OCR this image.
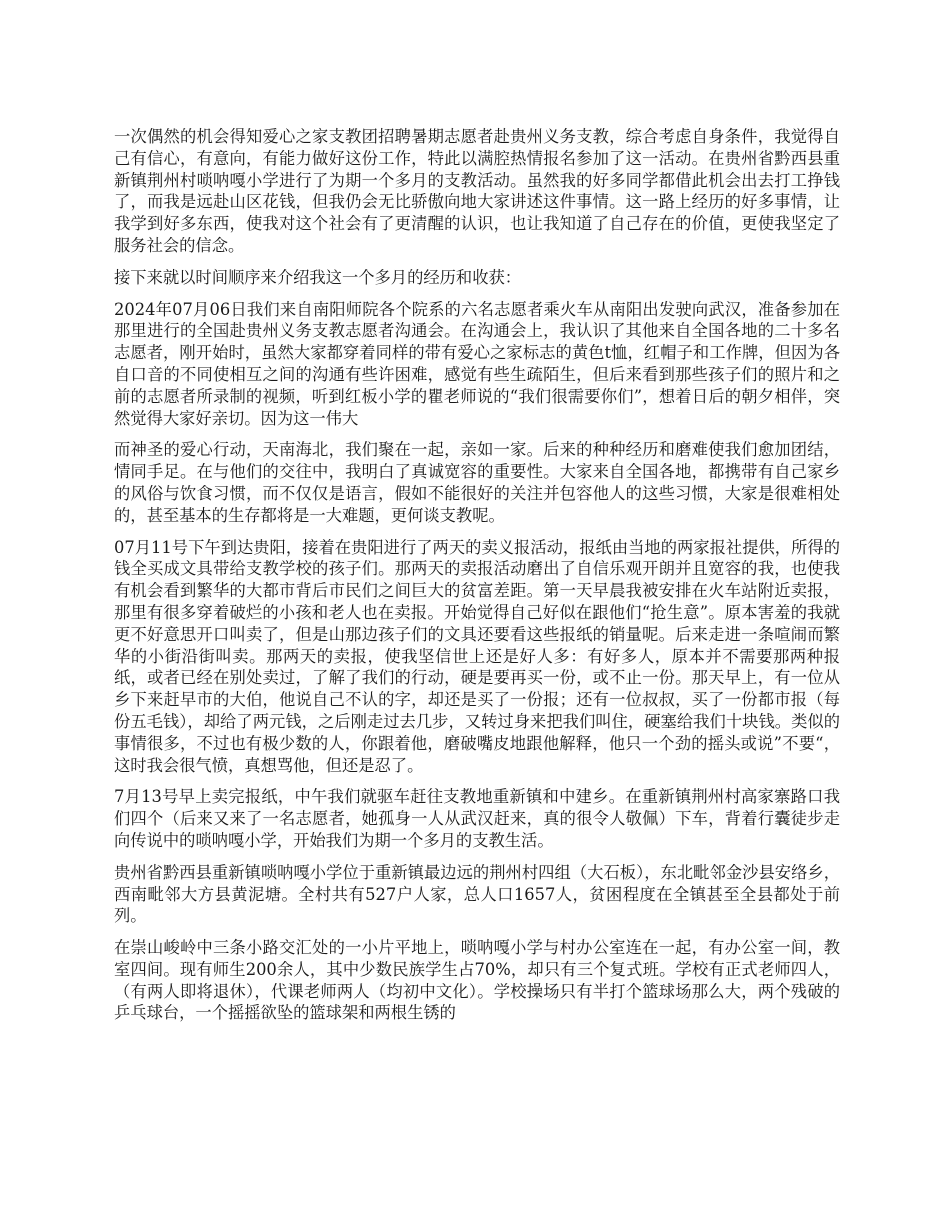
一次偶然的机会得知爱心之家支教团招聘暑期志愿者赴贵州义务支教，综合考虑自身条件，我觉得自己有信心，有意向，有能力做好这份工作，特此以满腔热情报名参加了这一活动。在贵州省黔西县重新镇荆州村唢呐嘎小学进行了为期一个多月的支教活动。虽然我的好多同学都借此机会出去打工挣钱了，而我是远赴山区花钱，但我仍会无比骄傲向地大家讲述这件事情。这一路上经历的好多事情，让我学到好多东西，使我对这个社会有了更清醒的认识，也让我知道了自己存在的价值，更使我坚定了服务社会的信念。

接下来就以时间顺序来介绍我这一个多月的经历和收获：

2024年07月06日我们来自南阳师院各个院系的六名志愿者乘火车从南阳出发驶向武汉，准备参加在那里进行的全国赴贵州义务支教志愿者沟通会。在沟通会上，我认识了其他来自全国各地的二十多名志愿者，刚开始时，虽然大家都穿着同样的带有爱心之家标志的黄色t恤，红帽子和工作牌，但因为各自口音的不同使相互之间的沟通有些许困难，感觉有些生疏陌生，但后来看到那些孩子们的照片和之前的志愿者所录制的视频，听到红板小学的瞿老师说的“我们很需要你们”，想着日后的朝夕相伴，突然觉得大家好亲切。因为这一伟大

而神圣的爱心行动，天南海北，我们聚在一起，亲如一家。后来的种种经历和磨难使我们愈加团结，情同手足。在与他们的交往中，我明白了真诚宽容的重要性。大家来自全国各地，都携带有自己家乡的风俗与饮食习惯，而不仅仅是语言，假如不能很好的关注并包容他人的这些习惯，大家是很难相处的，甚至基本的生存都将是一大难题，更何谈支教呢。

07月11号下午到达贵阳，接着在贵阳进行了两天的卖义报活动，报纸由当地的两家报社提供，所得的钱全买成文具带给支教学校的孩子们。那两天的卖报活动磨出了自信乐观开朗并且宽容的我，也使我有机会看到繁华的大都市背后市民们之间巨大的贫富差距。第一天早晨我被安排在火车站附近卖报，那里有很多穿着破烂的小孩和老人也在卖报。开始觉得自己好似在跟他们“抢生意”。原本害羞的我就更不好意思开口叫卖了，但是山那边孩子们的文具还要看这些报纸的销量呢。后来走进一条喧闹而繁华的小街沿街叫卖。那两天的卖报，使我坚信世上还是好人多：有好多人，原本并不需要那两种报纸，或者已经在别处卖过，了解了我们的行动，硬是要再买一份，或不止一份。那天早上，有一位从乡下来赶早市的大伯，他说自己不认的字，却还是买了一份报；还有一位叔叔，买了一份都市报（每份五毛钱），却给了两元钱，之后刚走过去几步，又转过身来把我们叫住，硬塞给我们十块钱。类似的事情很多，不过也有极少数的人，你跟着他，磨破嘴皮地跟他解释，他只一个劲的摇头或说”不要“，这时我会很气愤，真想骂他，但还是忍了。

7月13号早上卖完报纸，中午我们就驱车赶往支教地重新镇和中建乡。在重新镇荆州村高家寨路口我们四个（后来又来了一名志愿者，她孤身一人从武汉赶来，真的很令人敬佩）下车，背着行囊徒步走向传说中的唢呐嘎小学，开始我们为期一个多月的支教生活。

贵州省黔西县重新镇唢呐嘎小学位于重新镇最边远的荆州村四组（大石板），东北毗邻金沙县安络乡，西南毗邻大方县黄泥塘。全村共有527户人家，总人口1657人，贫困程度在全镇甚至全县都处于前列。

在崇山峻岭中三条小路交汇处的一小片平地上，唢呐嘎小学与村办公室连在一起，有办公室一间，教室四间。现有师生200余人，其中少数民族学生占70%，却只有三个复式班。学校有正式老师四人，（有两人即将退休），代课老师两人（均初中文化）。学校操场只有半打个篮球场那么大，两个残破的乒乓球台，一个摇摇欲坠的篮球架和两根生锈的
